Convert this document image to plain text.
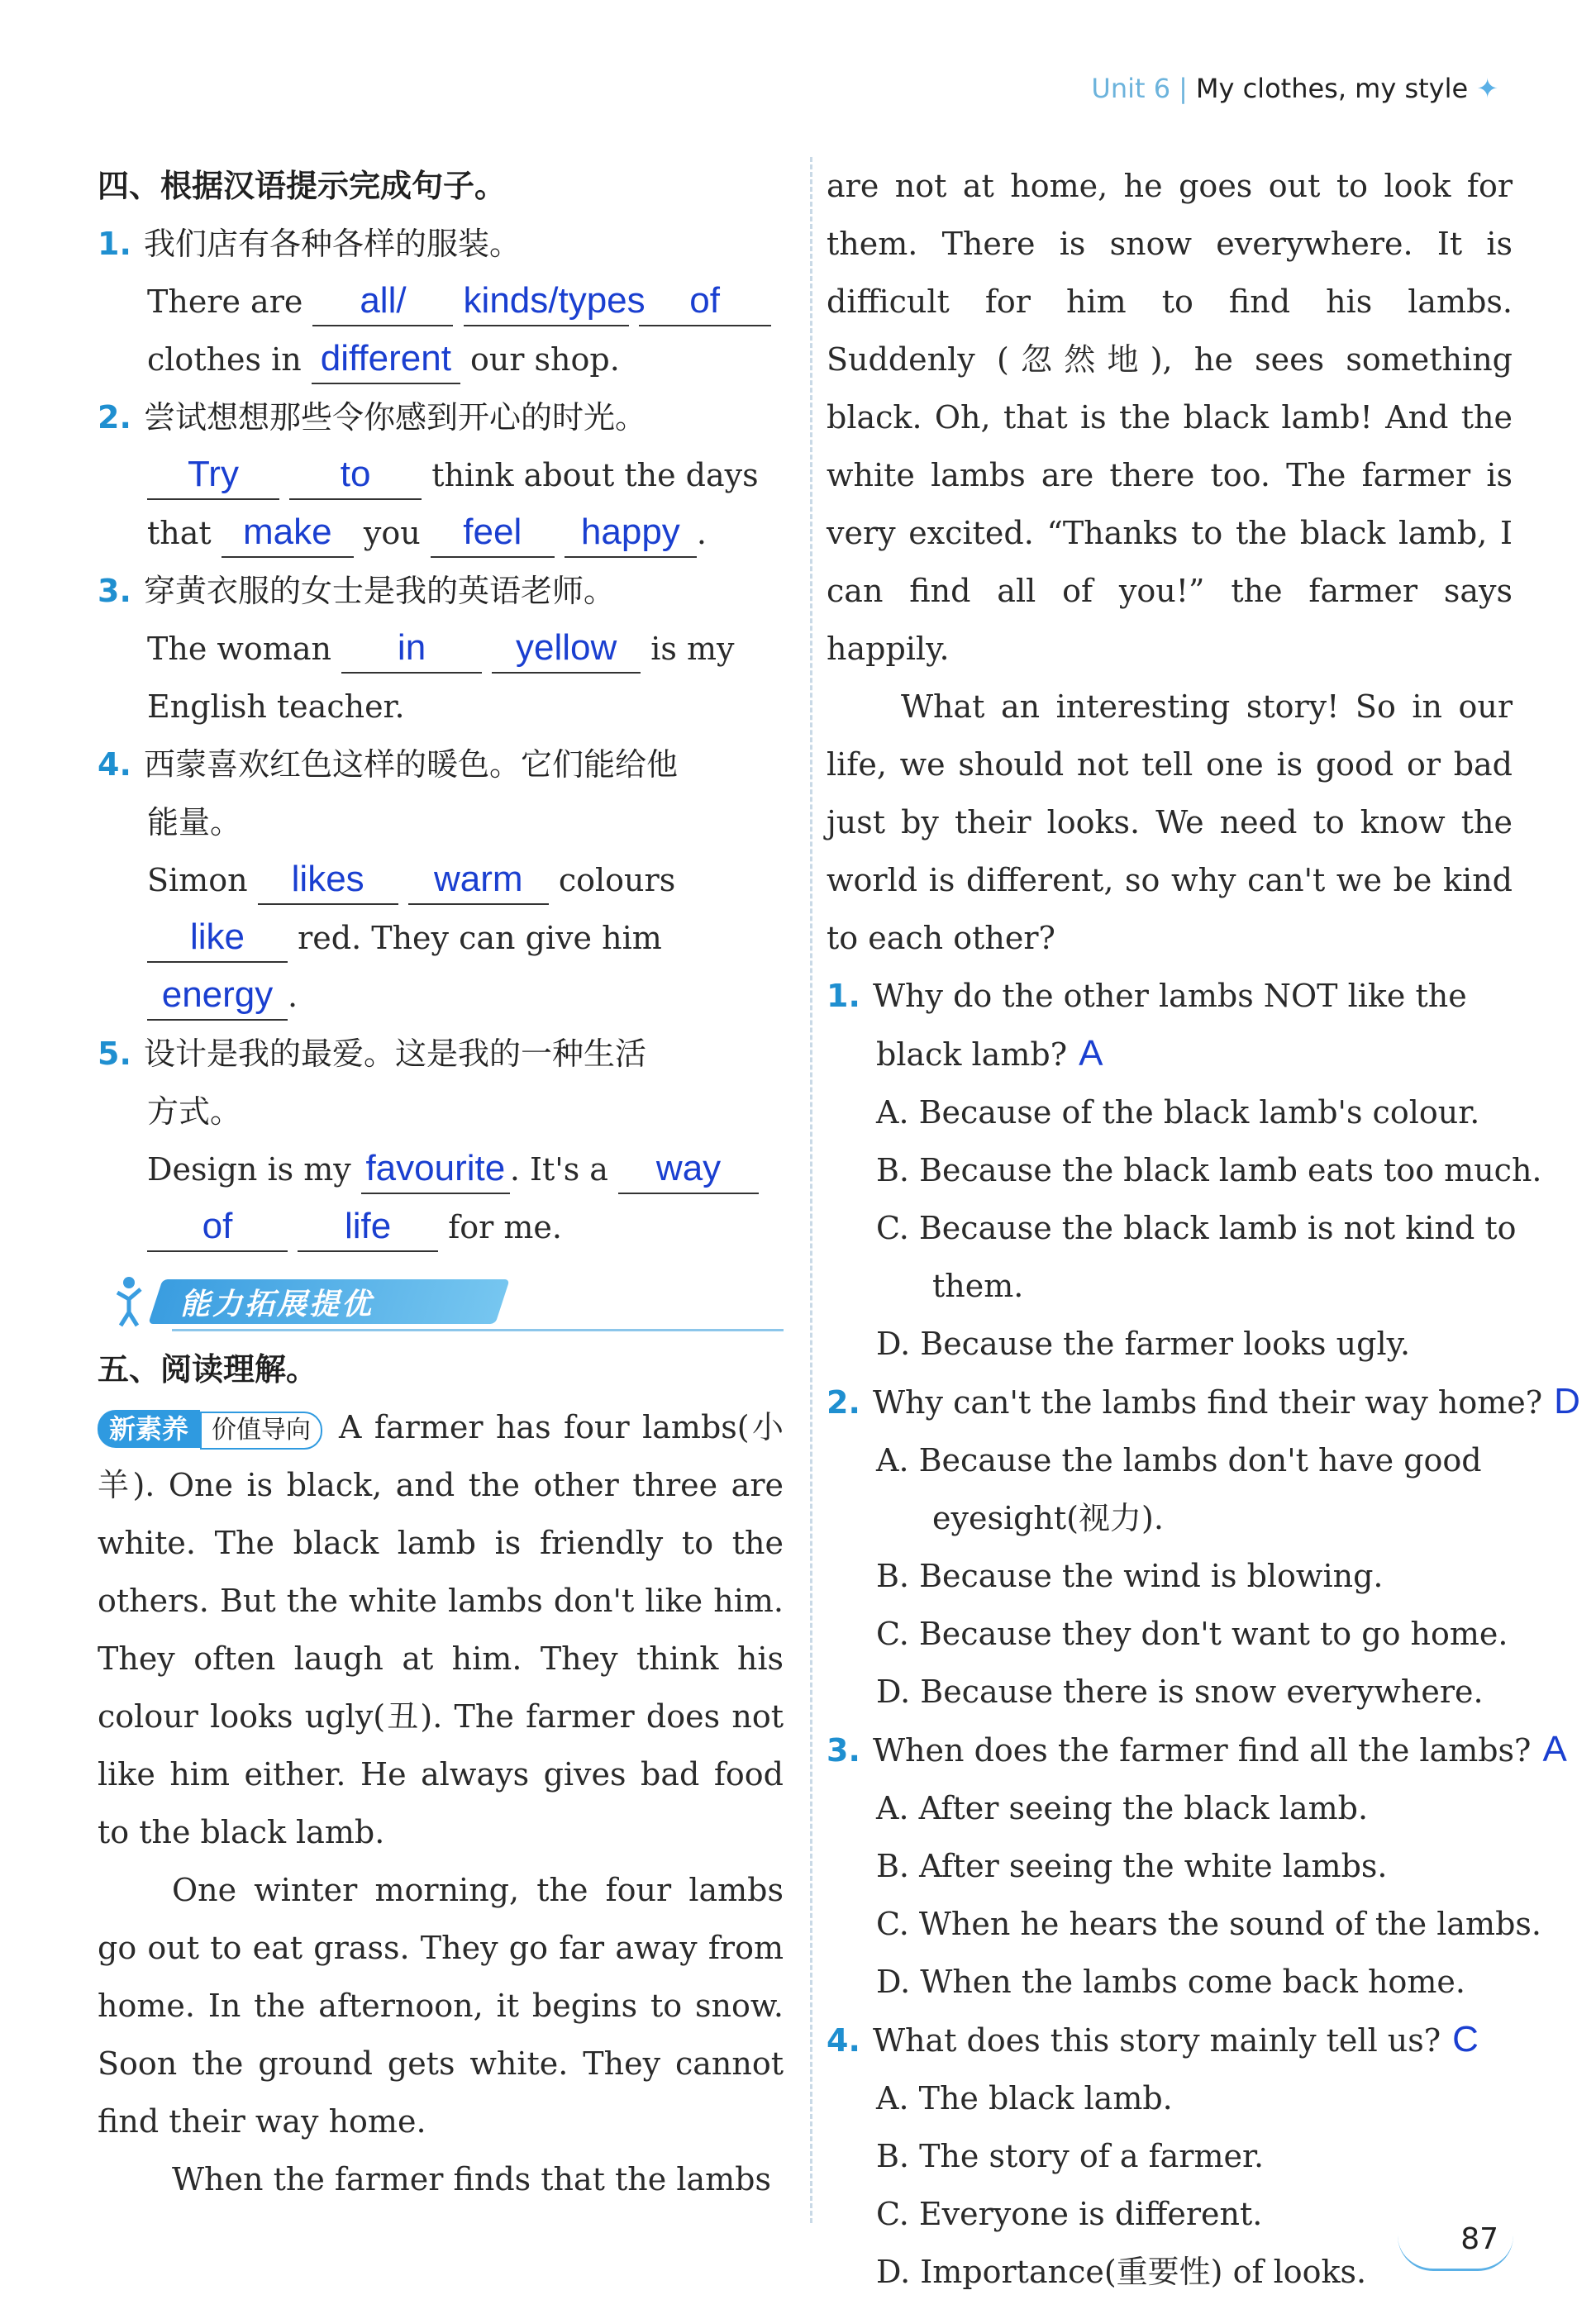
Unit 6 | My clothes, my style ✦
四、根据汉语提示完成句子。
1. 我们店有各种各样的服装。
There are all/ kinds/types of
clothes in different our shop.
2. 尝试想想那些令你感到开心的时光。
Try	to think about the days
that make you feel happy .
3. 穿黄衣服的女士是我的英语老师。
The woman in yellow is my
English teacher.
4. 西蒙喜欢红色这样的暖色。它们能给他
能量。
Simon likes warm colours
like red. They can give him
energy .
5. 设计是我的最爱。这是我的一种生活
方式。
Design is my favourite . It's a way
of	life for me.
能力拓展提优
五、阅读理解。
新素养 价值导向 A farmer has four lambs(小羊). One is black, and the other three are white. The black lamb is friendly to the others. But the white lambs don't like him. They often laugh at him. They think his colour looks ugly(丑). The farmer does not like him either. He always gives bad food to the black lamb.
One winter morning, the four lambs go out to eat grass. They go far away from home. In the afternoon, it begins to snow. Soon the ground gets white. They cannot find their way home.
When the farmer finds that the lambs
are not at home, he goes out to look for them. There is snow everywhere. It is difficult for him to find his lambs. Suddenly (忽然地), he sees something black. Oh, that is the black lamb! And the white lambs are there too. The farmer is very excited. “Thanks to the black lamb, I can find all of you!” the farmer says happily.
What an interesting story! So in our life, we should not tell one is good or bad just by their looks. We need to know the world is different, so why can't we be kind to each other?
1. Why do the other lambs NOT like the
black lamb? A
A. Because of the black lamb's colour.
B. Because the black lamb eats too much.
C. Because the black lamb is not kind to
them.
D. Because the farmer looks ugly.
2. Why can't the lambs find their way home? D
A. Because the lambs don't have good
eyesight(视力).
B. Because the wind is blowing.
C. Because they don't want to go home.
D. Because there is snow everywhere.
3. When does the farmer find all the lambs? A
A. After seeing the black lamb.
B. After seeing the white lambs.
C. When he hears the sound of the lambs.
D. When the lambs come back home.
4. What does this story mainly tell us? C
A. The black lamb.
B. The story of a farmer.
C. Everyone is different.
D. Importance(重要性) of looks.
87
